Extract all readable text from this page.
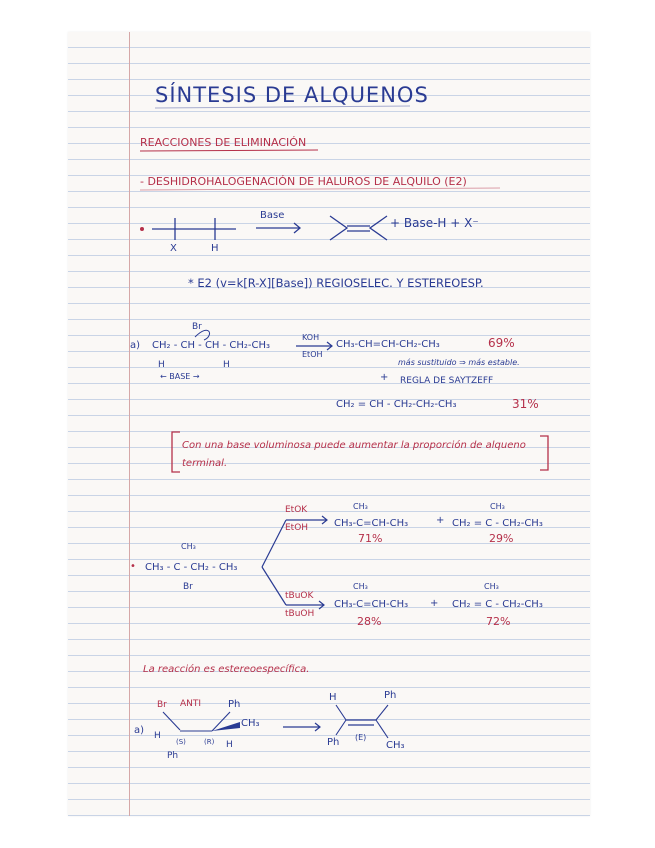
SÍNTESIS DE ALQUENOS
REACCIONES DE ELIMINACIÓN
- DESHIDROHALOGENACIÓN DE HALUROS DE ALQUILO (E2)
X	H
Base
+ Base-H + X⁻
* E2 (v=k[R-X][Base]) REGIOSELEC. Y ESTEREOESP.
a)
Br
CH₂ - CH - CH - CH₂-CH₃
H	H
← BASE →
KOH
EtOH
CH₃-CH=CH-CH₂-CH₃	69%
más sustituido ⇒ más estable.
+ REGLA DE SAYTZEFF
CH₂ = CH - CH₂-CH₂-CH₃	31%
Con una base voluminosa puede aumentar la proporción de alqueno terminal.
•
CH₃
CH₃ - C - CH₂ - CH₃
Br
EtOK
EtOH
CH₃
CH₃-C=CH-CH₃
71%
+
CH₃
CH₂ = C - CH₂-CH₃
29%
tBuOK
tBuOH
CH₃
CH₃-C=CH-CH₃
28%
+
CH₃
CH₂ = C - CH₂-CH₃
72%
La reacción es estereoespecífica.
a)
Br ANTI	Ph
H
(S)	(R)
CH₃
H
Ph
H	Ph
Ph (E)
CH₃
